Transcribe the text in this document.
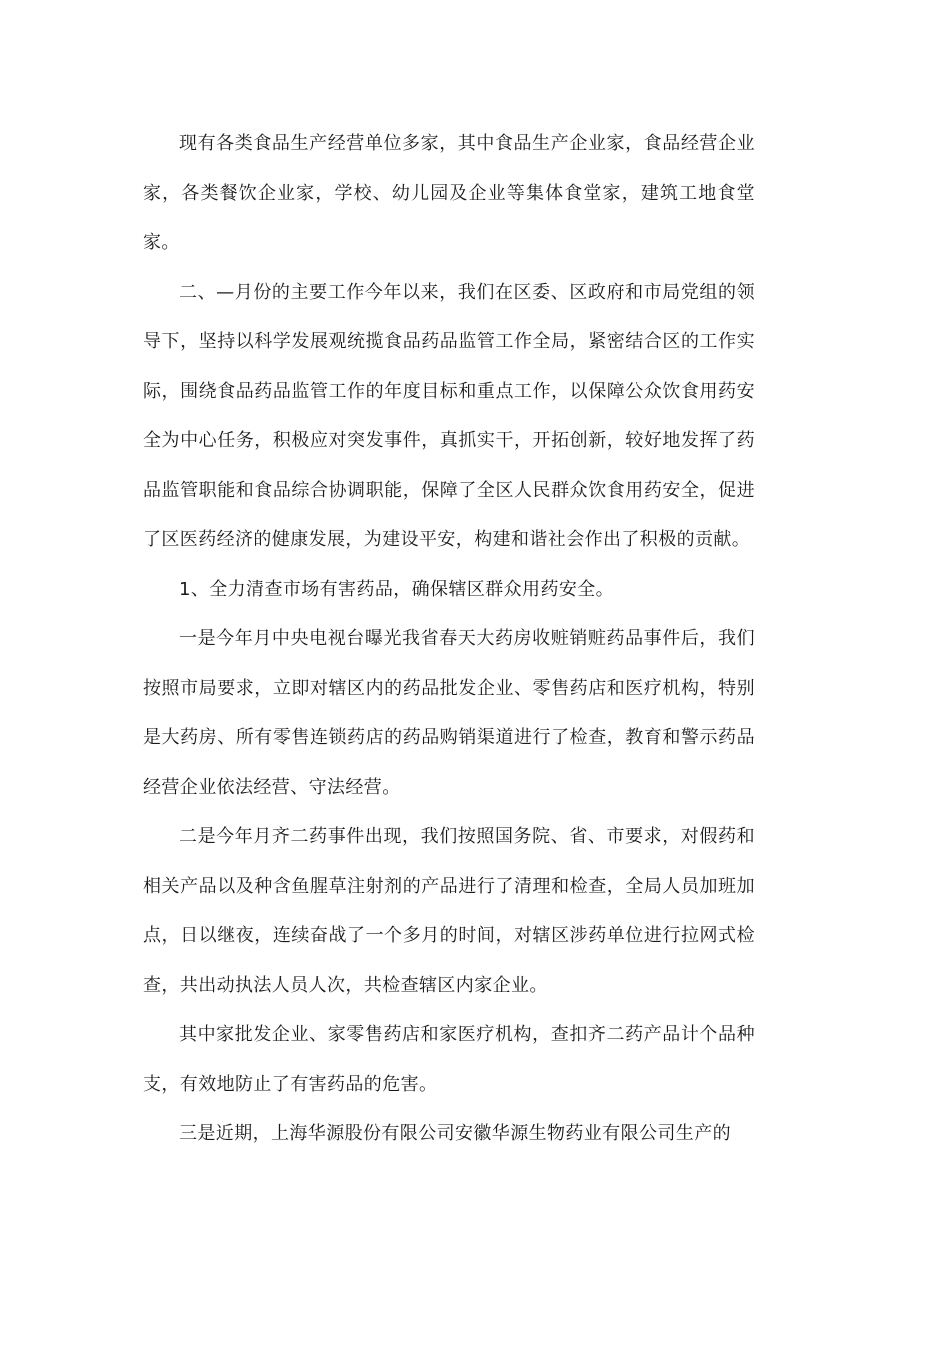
现有各类食品生产经营单位多家，其中食品生产企业家，食品经营企业家，各类餐饮企业家，学校、幼儿园及企业等集体食堂家，建筑工地食堂家。

二、—月份的主要工作今年以来，我们在区委、区政府和市局党组的领导下，坚持以科学发展观统揽食品药品监管工作全局，紧密结合区的工作实际，围绕食品药品监管工作的年度目标和重点工作，以保障公众饮食用药安全为中心任务，积极应对突发事件，真抓实干，开拓创新，较好地发挥了药品监管职能和食品综合协调职能，保障了全区人民群众饮食用药安全，促进了区医药经济的健康发展，为建设平安，构建和谐社会作出了积极的贡献。

1、全力清查市场有害药品，确保辖区群众用药安全。

一是今年月中央电视台曝光我省春天大药房收赃销赃药品事件后，我们按照市局要求，立即对辖区内的药品批发企业、零售药店和医疗机构，特别是大药房、所有零售连锁药店的药品购销渠道进行了检查，教育和警示药品经营企业依法经营、守法经营。

二是今年月齐二药事件出现，我们按照国务院、省、市要求，对假药和相关产品以及种含鱼腥草注射剂的产品进行了清理和检查，全局人员加班加点，日以继夜，连续奋战了一个多月的时间，对辖区涉药单位进行拉网式检查，共出动执法人员人次，共检查辖区内家企业。

其中家批发企业、家零售药店和家医疗机构，查扣齐二药产品计个品种支，有效地防止了有害药品的危害。

三是近期，上海华源股份有限公司安徽华源生物药业有限公司生产的
